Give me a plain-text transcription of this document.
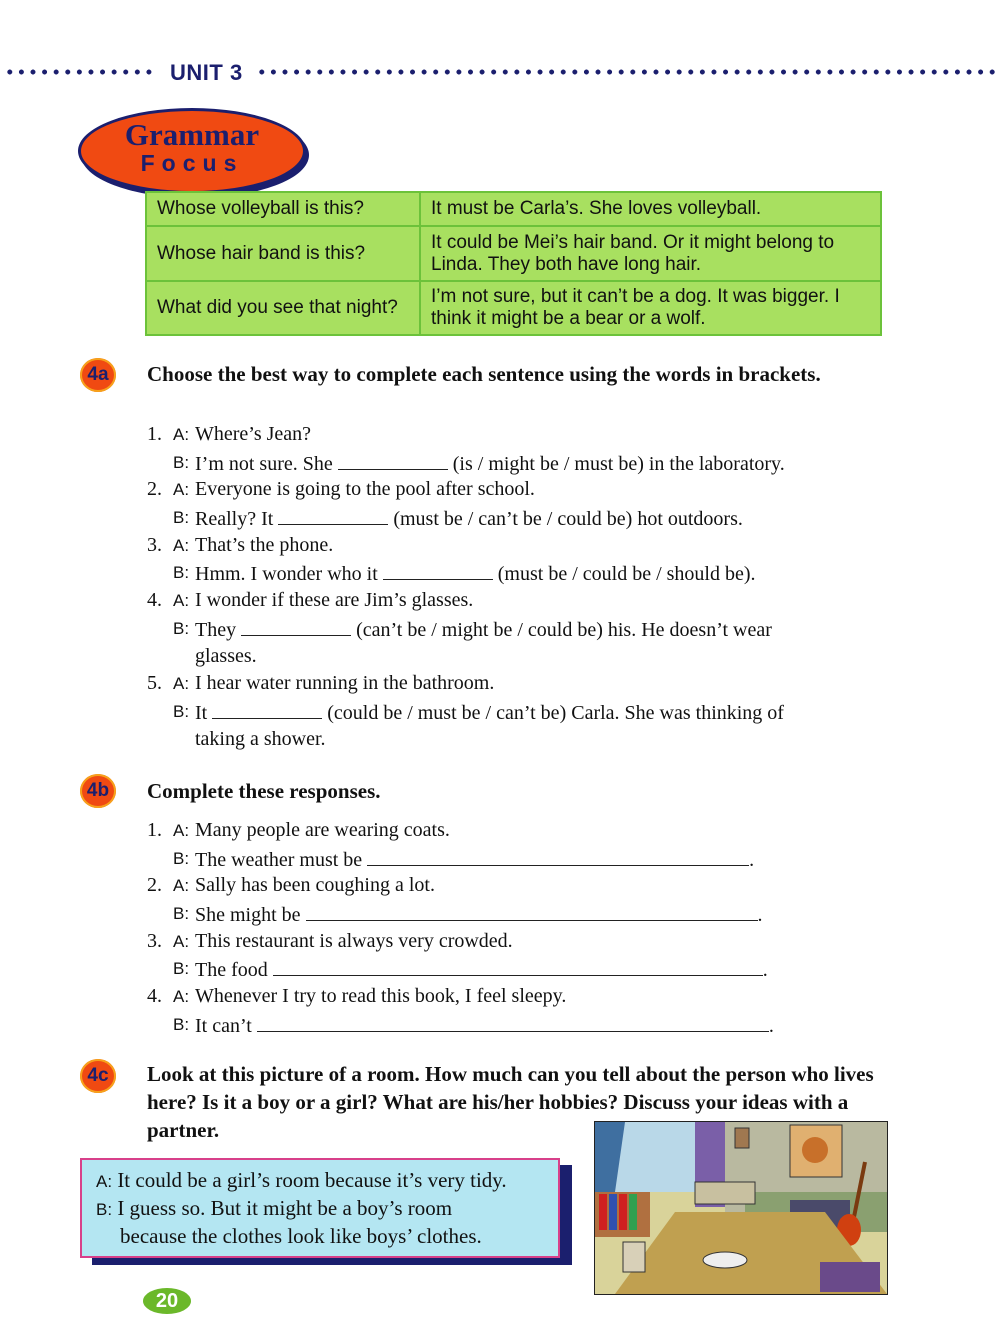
UNIT 3
Grammar
Focus
Whose volleyball is this?	It must be Carla’s. She loves volleyball.
Whose hair band is this?	It could be Mei’s hair band. Or it might belong to Linda. They both have long hair.
What did you see that night?	I’m not sure, but it can’t be a dog. It was bigger. I think it might be a bear or a wolf.
4a	Choose the best way to complete each sentence using the words in brackets.
1. A: Where’s Jean?
B: I’m not sure. She	(is / might be / must be) in the laboratory.
2. A: Everyone is going to the pool after school.
B: Really? It	(must be / can’t be / could be) hot outdoors.
3. A: That’s the phone.
B: Hmm. I wonder who it	(must be / could be / should be).
4. A: I wonder if these are Jim’s glasses.
B: They	(can’t be / might be / could be) his. He doesn’t wear
glasses.
5. A: I hear water running in the bathroom.
B: It	(could be / must be / can’t be) Carla. She was thinking of
taking a shower.
4b	Complete these responses.
1. A: Many people are wearing coats.
B: The weather must be	.
2. A: Sally has been coughing a lot.
B: She might be	.
3. A: This restaurant is always very crowded.
B: The food	.
4. A: Whenever I try to read this book, I feel sleepy.
B: It can’t	.
4c	Look at this picture of a room. How much can you tell about the person who lives here? Is it a boy or a girl? What are his/her hobbies? Discuss your ideas with a partner.
A: It could be a girl’s room because it’s very tidy.
B: I guess so. But it might be a boy’s room
because the clothes look like boys’ clothes.
20
